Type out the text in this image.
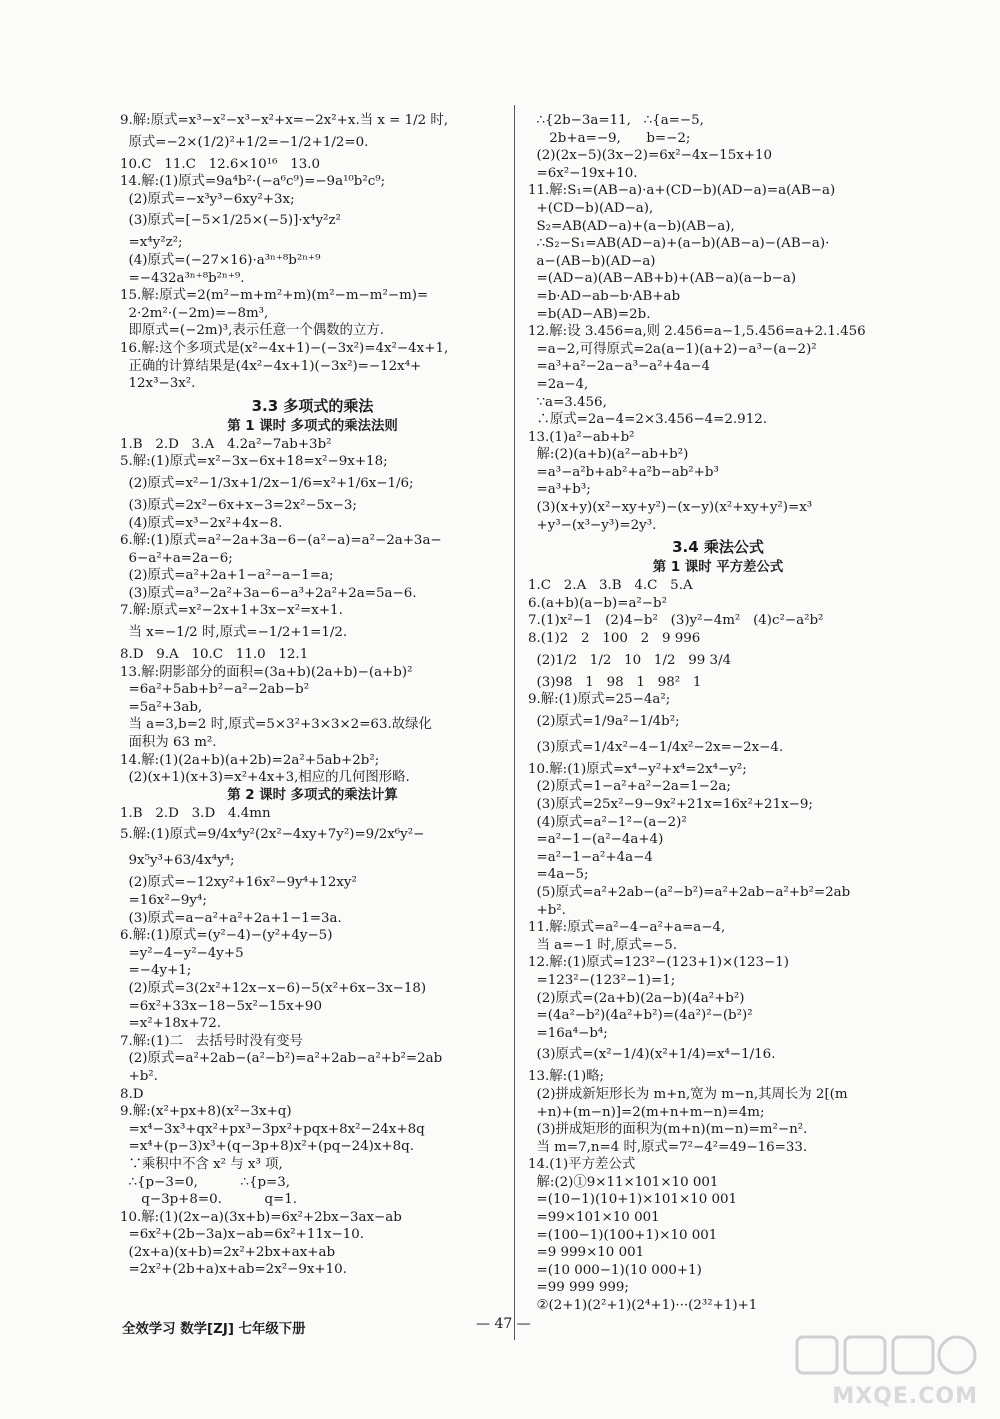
9.解:原式=x³−x²−x³−x²+x=−2x²+x.当 x = 1/2 时,
原式=−2×(1/2)²+1/2=−1/2+1/2=0.
10.C   11.C   12.6×10¹⁶   13.0
14.解:(1)原式=9a⁴b²·(−a⁶c⁹)=−9a¹⁰b²c⁹;
(2)原式=−x³y³−6xy²+3x;
(3)原式=[−5×1/25×(−5)]·x⁴y²z²
=x⁴y²z²;
(4)原式=(−27×16)·a³ⁿ⁺⁸b²ⁿ⁺⁹
=−432a³ⁿ⁺⁸b²ⁿ⁺⁹.
15.解:原式=2(m²−m+m²+m)(m²−m−m²−m)=
2·2m²·(−2m)=−8m³,
即原式=(−2m)³,表示任意一个偶数的立方.
16.解:这个多项式是(x²−4x+1)−(−3x²)=4x²−4x+1,
正确的计算结果是(4x²−4x+1)(−3x²)=−12x⁴+
12x³−3x².
3.3 多项式的乘法
第 1 课时 多项式的乘法法则
1.B   2.D   3.A   4.2a²−7ab+3b²
5.解:(1)原式=x²−3x−6x+18=x²−9x+18;
(2)原式=x²−1/3x+1/2x−1/6=x²+1/6x−1/6;
(3)原式=2x²−6x+x−3=2x²−5x−3;
(4)原式=x³−2x²+4x−8.
6.解:(1)原式=a²−2a+3a−6−(a²−a)=a²−2a+3a−
6−a²+a=2a−6;
(2)原式=a²+2a+1−a²−a−1=a;
(3)原式=a³−2a²+3a−6−a³+2a²+2a=5a−6.
7.解:原式=x²−2x+1+3x−x²=x+1.
当 x=−1/2 时,原式=−1/2+1=1/2.
8.D   9.A   10.C   11.0   12.1
13.解:阴影部分的面积=(3a+b)(2a+b)−(a+b)²
=6a²+5ab+b²−a²−2ab−b²
=5a²+3ab,
当 a=3,b=2 时,原式=5×3²+3×3×2=63.故绿化
面积为 63 m².
14.解:(1)(2a+b)(a+2b)=2a²+5ab+2b²;
(2)(x+1)(x+3)=x²+4x+3,相应的几何图形略.
第 2 课时 多项式的乘法计算
1.B   2.D   3.D   4.4mn
5.解:(1)原式=9/4x⁴y²(2x²−4xy+7y²)=9/2x⁶y²−
9x⁵y³+63/4x⁴y⁴;
(2)原式=−12xy²+16x²−9y⁴+12xy²
=16x²−9y⁴;
(3)原式=a−a²+a²+2a+1−1=3a.
6.解:(1)原式=(y²−4)−(y²+4y−5)
=y²−4−y²−4y+5
=−4y+1;
(2)原式=3(2x²+12x−x−6)−5(x²+6x−3x−18)
=6x²+33x−18−5x²−15x+90
=x²+18x+72.
7.解:(1)二   去括号时没有变号
(2)原式=a²+2ab−(a²−b²)=a²+2ab−a²+b²=2ab
+b².
8.D
9.解:(x²+px+8)(x²−3x+q)
=x⁴−3x³+qx²+px³−3px²+pqx+8x²−24x+8q
=x⁴+(p−3)x³+(q−3p+8)x²+(pq−24)x+8q.
∵乘积中不含 x² 与 x³ 项,
∴{p−3=0,          ∴{p=3,
q−3p+8=0.          q=1.
10.解:(1)(2x−a)(3x+b)=6x²+2bx−3ax−ab
=6x²+(2b−3a)x−ab=6x²+11x−10.
(2x+a)(x+b)=2x²+2bx+ax+ab
=2x²+(2b+a)x+ab=2x²−9x+10.
∴{2b−3a=11,   ∴{a=−5,
2b+a=−9,      b=−2;
(2)(2x−5)(3x−2)=6x²−4x−15x+10
=6x²−19x+10.
11.解:S₁=(AB−a)·a+(CD−b)(AD−a)=a(AB−a)
+(CD−b)(AD−a),
S₂=AB(AD−a)+(a−b)(AB−a),
∴S₂−S₁=AB(AD−a)+(a−b)(AB−a)−(AB−a)·
a−(AB−b)(AD−a)
=(AD−a)(AB−AB+b)+(AB−a)(a−b−a)
=b·AD−ab−b·AB+ab
=b(AD−AB)=2b.
12.解:设 3.456=a,则 2.456=a−1,5.456=a+2.1.456
=a−2,可得原式=2a(a−1)(a+2)−a³−(a−2)²
=a³+a²−2a−a³−a²+4a−4
=2a−4,
∵a=3.456,
∴原式=2a−4=2×3.456−4=2.912.
13.(1)a²−ab+b²
解:(2)(a+b)(a²−ab+b²)
=a³−a²b+ab²+a²b−ab²+b³
=a³+b³;
(3)(x+y)(x²−xy+y²)−(x−y)(x²+xy+y²)=x³
+y³−(x³−y³)=2y³.
3.4 乘法公式
第 1 课时 平方差公式
1.C   2.A   3.B   4.C   5.A
6.(a+b)(a−b)=a²−b²
7.(1)x²−1   (2)4−b²   (3)y²−4m²   (4)c²−a²b²
8.(1)2   2   100   2   9 996
(2)1/2   1/2   10   1/2   99 3/4
(3)98   1   98   1   98²   1
9.解:(1)原式=25−4a²;
(2)原式=1/9a²−1/4b²;
(3)原式=1/4x²−4−1/4x²−2x=−2x−4.
10.解:(1)原式=x⁴−y²+x⁴=2x⁴−y²;
(2)原式=1−a²+a²−2a=1−2a;
(3)原式=25x²−9−9x²+21x=16x²+21x−9;
(4)原式=a²−1²−(a−2)²
=a²−1−(a²−4a+4)
=a²−1−a²+4a−4
=4a−5;
(5)原式=a²+2ab−(a²−b²)=a²+2ab−a²+b²=2ab
+b².
11.解:原式=a²−4−a²+a=a−4,
当 a=−1 时,原式=−5.
12.解:(1)原式=123²−(123+1)×(123−1)
=123²−(123²−1)=1;
(2)原式=(2a+b)(2a−b)(4a²+b²)
=(4a²−b²)(4a²+b²)=(4a²)²−(b²)²
=16a⁴−b⁴;
(3)原式=(x²−1/4)(x²+1/4)=x⁴−1/16.
13.解:(1)略;
(2)拼成新矩形长为 m+n,宽为 m−n,其周长为 2[(m
+n)+(m−n)]=2(m+n+m−n)=4m;
(3)拼成矩形的面积为(m+n)(m−n)=m²−n².
当 m=7,n=4 时,原式=7²−4²=49−16=33.
14.(1)平方差公式
解:(2)①9×11×101×10 001
=(10−1)(10+1)×101×10 001
=99×101×10 001
=(100−1)(100+1)×10 001
=9 999×10 001
=(10 000−1)(10 000+1)
=99 999 999;
②(2+1)(2²+1)(2⁴+1)···(2³²+1)+1
全效学习 数学[ZJ] 七年级下册	— 47 —
MXQE.COM
